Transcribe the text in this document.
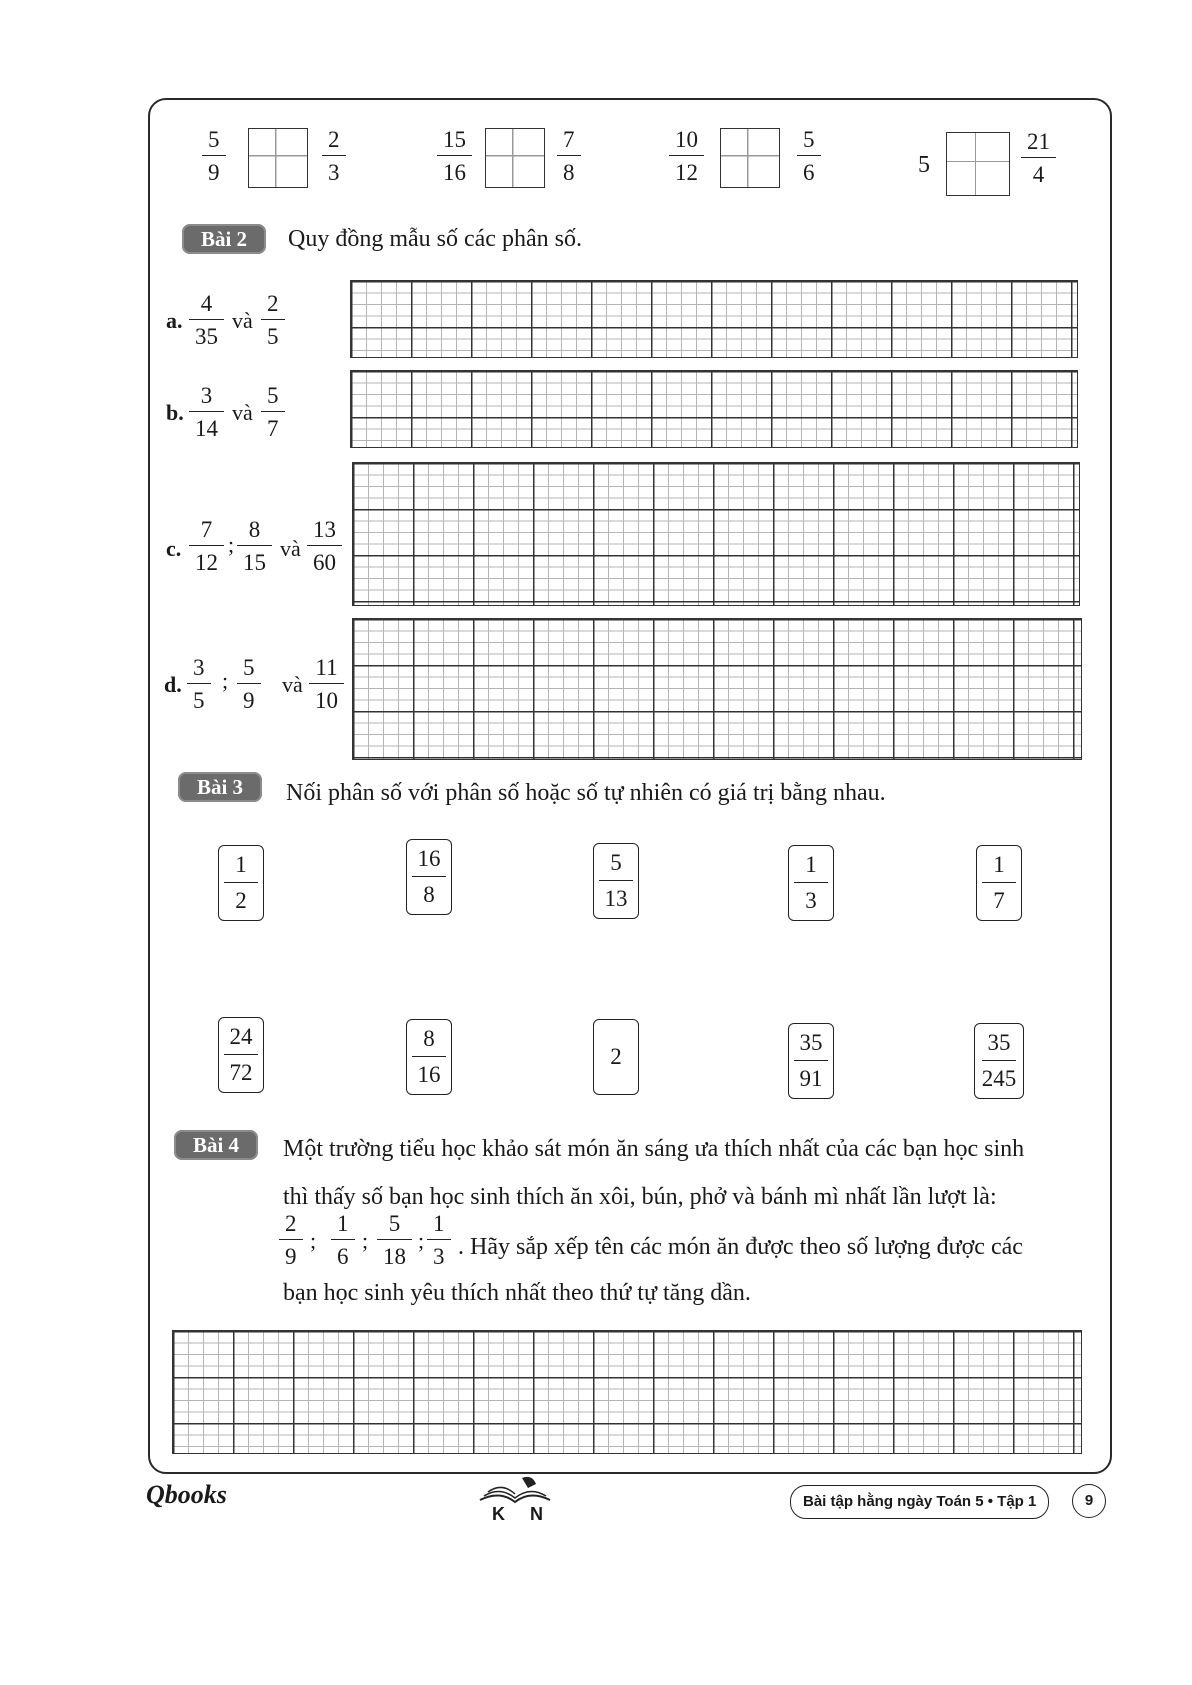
$\frac{5}{9}$	$\frac{2}{3}$	$\frac{15}{16}$	$\frac{7}{8}$	$\frac{10}{12}$	$\frac{5}{6}$	5	$\frac{21}{4}$
Bài 2	Quy đồng mẫu số các phân số.
a. $\frac{4}{35}$ và $\frac{2}{5}$
b. $\frac{3}{14}$ và $\frac{5}{7}$
c. $\frac{7}{12}$ ; $\frac{8}{15}$ và $\frac{13}{60}$
d. $\frac{3}{5}$ ; $\frac{5}{9}$ và $\frac{11}{10}$
Bài 3	Nối phân số với phân số hoặc số tự nhiên có giá trị bằng nhau.
1
2
16
8
5
13
1
3
1
7
24
72
8
16
2
35
91
35
245
Bài 4	Một trường tiểu học khảo sát món ăn sáng ưa thích nhất của các bạn học sinh
thì thấy số bạn học sinh thích ăn xôi, bún, phở và bánh mì nhất lần lượt là:
$\frac{2}{9}$ ; $\frac{1}{6}$ ; $\frac{5}{18}$ ; $\frac{1}{3}$ . Hãy sắp xếp tên các món ăn được theo số lượng được các
bạn học sinh yêu thích nhất theo thứ tự tăng dần.
Qbooks
K N
Bài tập hằng ngày Toán 5 • Tập 1	9
